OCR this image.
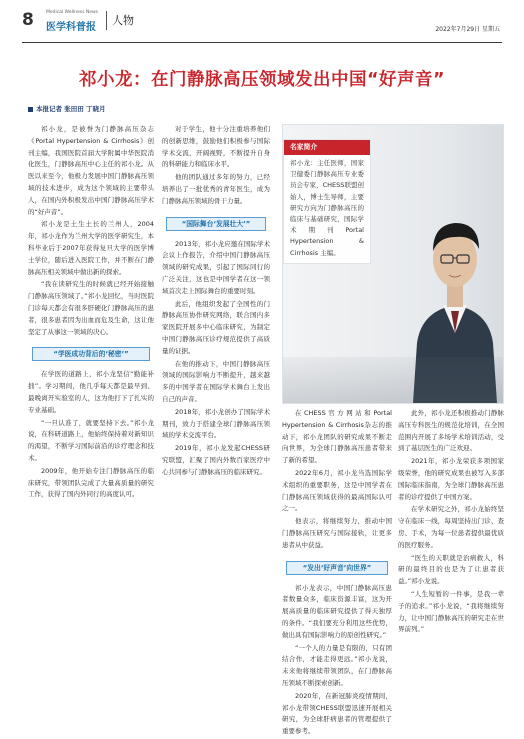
8	Medical Wellness News
医学科普报
人物
2022年7月29日 星期五
祁小龙：在门静脉高压领域发出中国“好声音”
本报记者 张田田 丁晓月

祁小龙，是被誉为门静脉高压杂志《Portal Hypertension & Cirrhosis》创刊主编，我国医院首届大学附属中华医院消化医生，门静脉高压中心主任的祁小龙。从医以来至今，他极力发展中国门静脉高压领域的技术进步，成为这个领域的主要带头人，在国内外积极发出中国门静脉高压学术的“好声音”。

祁小龙是土生土长的兰州人，2004年，祁小龙作为兰州大学的医学研究生，本科毕业后于2007年获得复旦大学的医学博士学位，随后进入医院工作，并不断在门静脉高压相关领域中做出新的探索。

“我在读研究生的时候就已经开始接触门静脉高压领域了。”祁小龙回忆，当时医院门诊每天都会有很多肝硬化门静脉高压的患者，很多患者因为出血而危及生命，这让他坚定了从事这一领域的决心。

“学医成功背后的‘秘密’”

在学医的道路上，祁小龙坚信“勤能补拙”。学习期间，他几乎每天都是最早到、最晚离开实验室的人，这为他打下了扎实的专业基础。

“一旦认准了，就要坚持下去。”祁小龙说，在科研道路上，他始终保持着对新知识的渴望，不断学习国际前沿的诊疗理念和技术。

2009年，他开始专注门静脉高压的临床研究，带领团队完成了大量高质量的研究工作，获得了国内外同行的高度认可。

对于学生，他十分注重培养他们的创新思维，鼓励他们积极参与国际学术交流，开阔视野，不断提升自身的科研能力和临床水平。

他的团队通过多年的努力，已经培养出了一批优秀的青年医生，成为门静脉高压领域的骨干力量。

“国际舞台‘发展壮大’”

2013年，祁小龙应邀在国际学术会议上作报告，介绍中国门静脉高压领域的研究成果，引起了国际同行的广泛关注，这也是中国学者在这一领域首次走上国际舞台的重要时刻。

此后，他组织发起了全国性的门静脉高压协作研究网络，联合国内多家医院开展多中心临床研究，为制定中国门静脉高压诊疗规范提供了高质量的证据。

在他的推动下，中国门静脉高压领域的国际影响力不断提升，越来越多的中国学者在国际学术舞台上发出自己的声音。

2018年，祁小龙创办了国际学术期刊，致力于搭建全球门静脉高压领域的学术交流平台。

2019年，祁小龙发起CHESS研究联盟，汇聚了国内外数百家医疗中心共同参与门静脉高压的临床研究。

名家简介
祁小龙：主任医师，国家卫健委门静脉高压专业委员会专家，CHESS联盟创始人，博士生导师，主要研究方向为门静脉高压的临床与基础研究，国际学术期刊Portal Hypertension & Cirrhosis 主编。

在CHESS官方网站和Portal Hypertension & Cirrhosis杂志的推动下，祁小龙团队的研究成果不断走向世界，为全球门静脉高压患者带来了新的希望。

2022年6月，祁小龙当选国际学术组织的重要职务，这是中国学者在门静脉高压领域获得的最高国际认可之一。

他表示，将继续努力，推动中国门静脉高压研究与国际接轨，让更多患者从中获益。

“发出‘好声音’向世界”

祁小龙表示，中国门静脉高压患者数量众多，临床资源丰富，这为开展高质量的临床研究提供了得天独厚的条件。“我们要充分利用这些优势，做出具有国际影响力的原创性研究。”

“一个人的力量是有限的，只有团结合作，才能走得更远。”祁小龙说，未来他将继续带领团队，在门静脉高压领域不断探索创新。

2020年，在新冠肺炎疫情期间，祁小龙带领CHESS联盟迅速开展相关研究，为全球肝病患者的管理提供了重要参考。

此外，祁小龙还积极推动门静脉高压专科医生的规范化培训，在全国范围内开展了多场学术培训活动，受到了基层医生的广泛欢迎。

2021年，祁小龙荣获多项国家级荣誉，他的研究成果也被写入多部国际临床指南，为全球门静脉高压患者的诊疗提供了中国方案。

在学术研究之外，祁小龙始终坚守在临床一线，每周坚持出门诊、查房、手术，为每一位患者提供最优质的医疗服务。

“医生的天职就是治病救人，科研的最终目的也是为了让患者获益。”祁小龙说。

“人生短暂的一件事，是我一辈子的追求。”祁小龙说，“我将继续努力，让中国门静脉高压的研究走在世界前列。”
